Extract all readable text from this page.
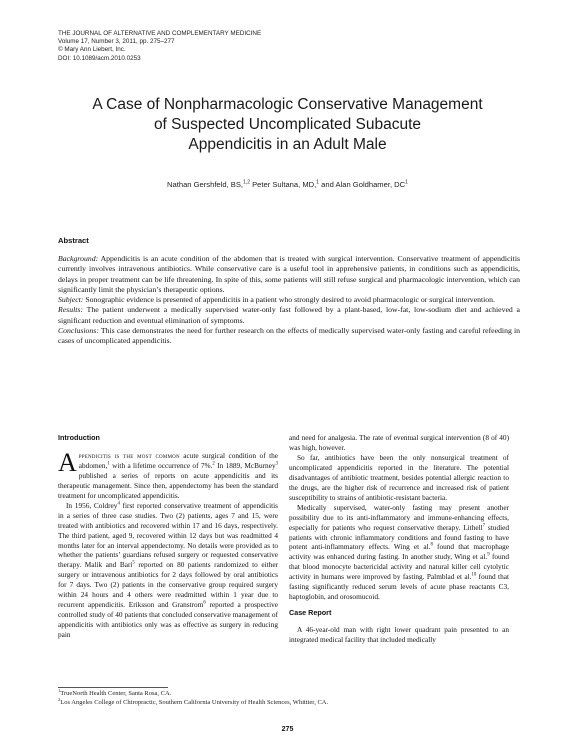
THE JOURNAL OF ALTERNATIVE AND COMPLEMENTARY MEDICINE
Volume 17, Number 3, 2011, pp. 275–277
© Mary Ann Liebert, Inc.
DOI: 10.1089/acm.2010.0253
A Case of Nonpharmacologic Conservative Management
of Suspected Uncomplicated Subacute
Appendicitis in an Adult Male
Nathan Gershfeld, BS,$^{1,2}$ Peter Sultana, MD,$^1$ and Alan Goldhamer, $DC^1$
Abstract

Background: Appendicitis is an acute condition of the abdomen that is treated with surgical intervention. Conservative treatment of appendicitis currently involves intravenous antibiotics. While conservative care is a useful tool in apprehensive patients, in conditions such as appendicitis, delays in proper treatment can be life threatening. In spite of this, some patients will still refuse surgical and pharmacologic intervention, which can significantly limit the physician’s therapeutic options.

Subject: Sonographic evidence is presented of appendicitis in a patient who strongly desired to avoid pharmacologic or surgical intervention.

Results: The patient underwent a medically supervised water-only fast followed by a plant-based, low-fat, low-sodium diet and achieved a significant reduction and eventual elimination of symptoms.

Conclusions: This case demonstrates the need for further research on the effects of medically supervised water-only fasting and careful refeeding in cases of uncomplicated appendicitis.

Introduction

Appendicitis is the most common acute surgical condition of the abdomen,$^1$ with a lifetime occurrence of 7%.$^2$ In 1889, McBurney$^3$ published a series of reports on acute appendicitis and its therapeutic management. Since then, appendectomy has been the standard treatment for uncomplicated appendicitis.

In 1956, Coldrey$^4$ first reported conservative treatment of appendicitis in a series of three case studies. Two (2) patients, ages 7 and 15, were treated with antibiotics and recovered within 17 and 16 days, respectively. The third patient, aged 9, recovered within 12 days but was readmitted 4 months later for an interval appendectomy. No details were provided as to whether the patients’ guardians refused surgery or requested conservative therapy. Malik and Bari$^5$ reported on 80 patients randomized to either surgery or intravenous antibiotics for 2 days followed by oral antibiotics for 7 days. Two (2) patients in the conservative group required surgery within 24 hours and 4 others were readmitted within 1 year due to recurrent appendicitis. Eriksson and Granstrom$^6$ reported a prospective controlled study of 40 patients that concluded conservative management of appendicitis with antibiotics only was as effective as surgery in reducing pain

and need for analgesia. The rate of eventual surgical intervention (8 of 40) was high, however.

So far, antibiotics have been the only nonsurgical treatment of uncomplicated appendicitis reported in the literature. The potential disadvantages of antibiotic treatment, besides potential allergic reaction to the drugs, are the higher risk of recurrence and increased risk of patient susceptibility to strains of antibiotic-resistant bacteria.

Medically supervised, water-only fasting may present another possibility due to its anti-inflammatory and immune-enhancing effects, especially for patients who request conservative therapy. Lithell$^7$ studied patients with chronic inflammatory conditions and found fasting to have potent anti-inflammatory effects. Wing et al.$^8$ found that macrophage activity was enhanced during fasting. In another study, Wing et al.$^9$ found that blood monocyte bactericidal activity and natural killer cell cytolytic activity in humans were improved by fasting. Palmblad et al.$^{10}$ found that fasting significantly reduced serum levels of acute phase reactants C3, haptoglobin, and orosomucoid.

Case Report

A 46-year-old man with right lower quadrant pain presented to an integrated medical facility that included medically

$^1$TrueNorth Health Center, Santa Rosa, CA.
$^2$Los Angeles College of Chiropractic, Southern California University of Health Sciences, Whittier, CA.
275
